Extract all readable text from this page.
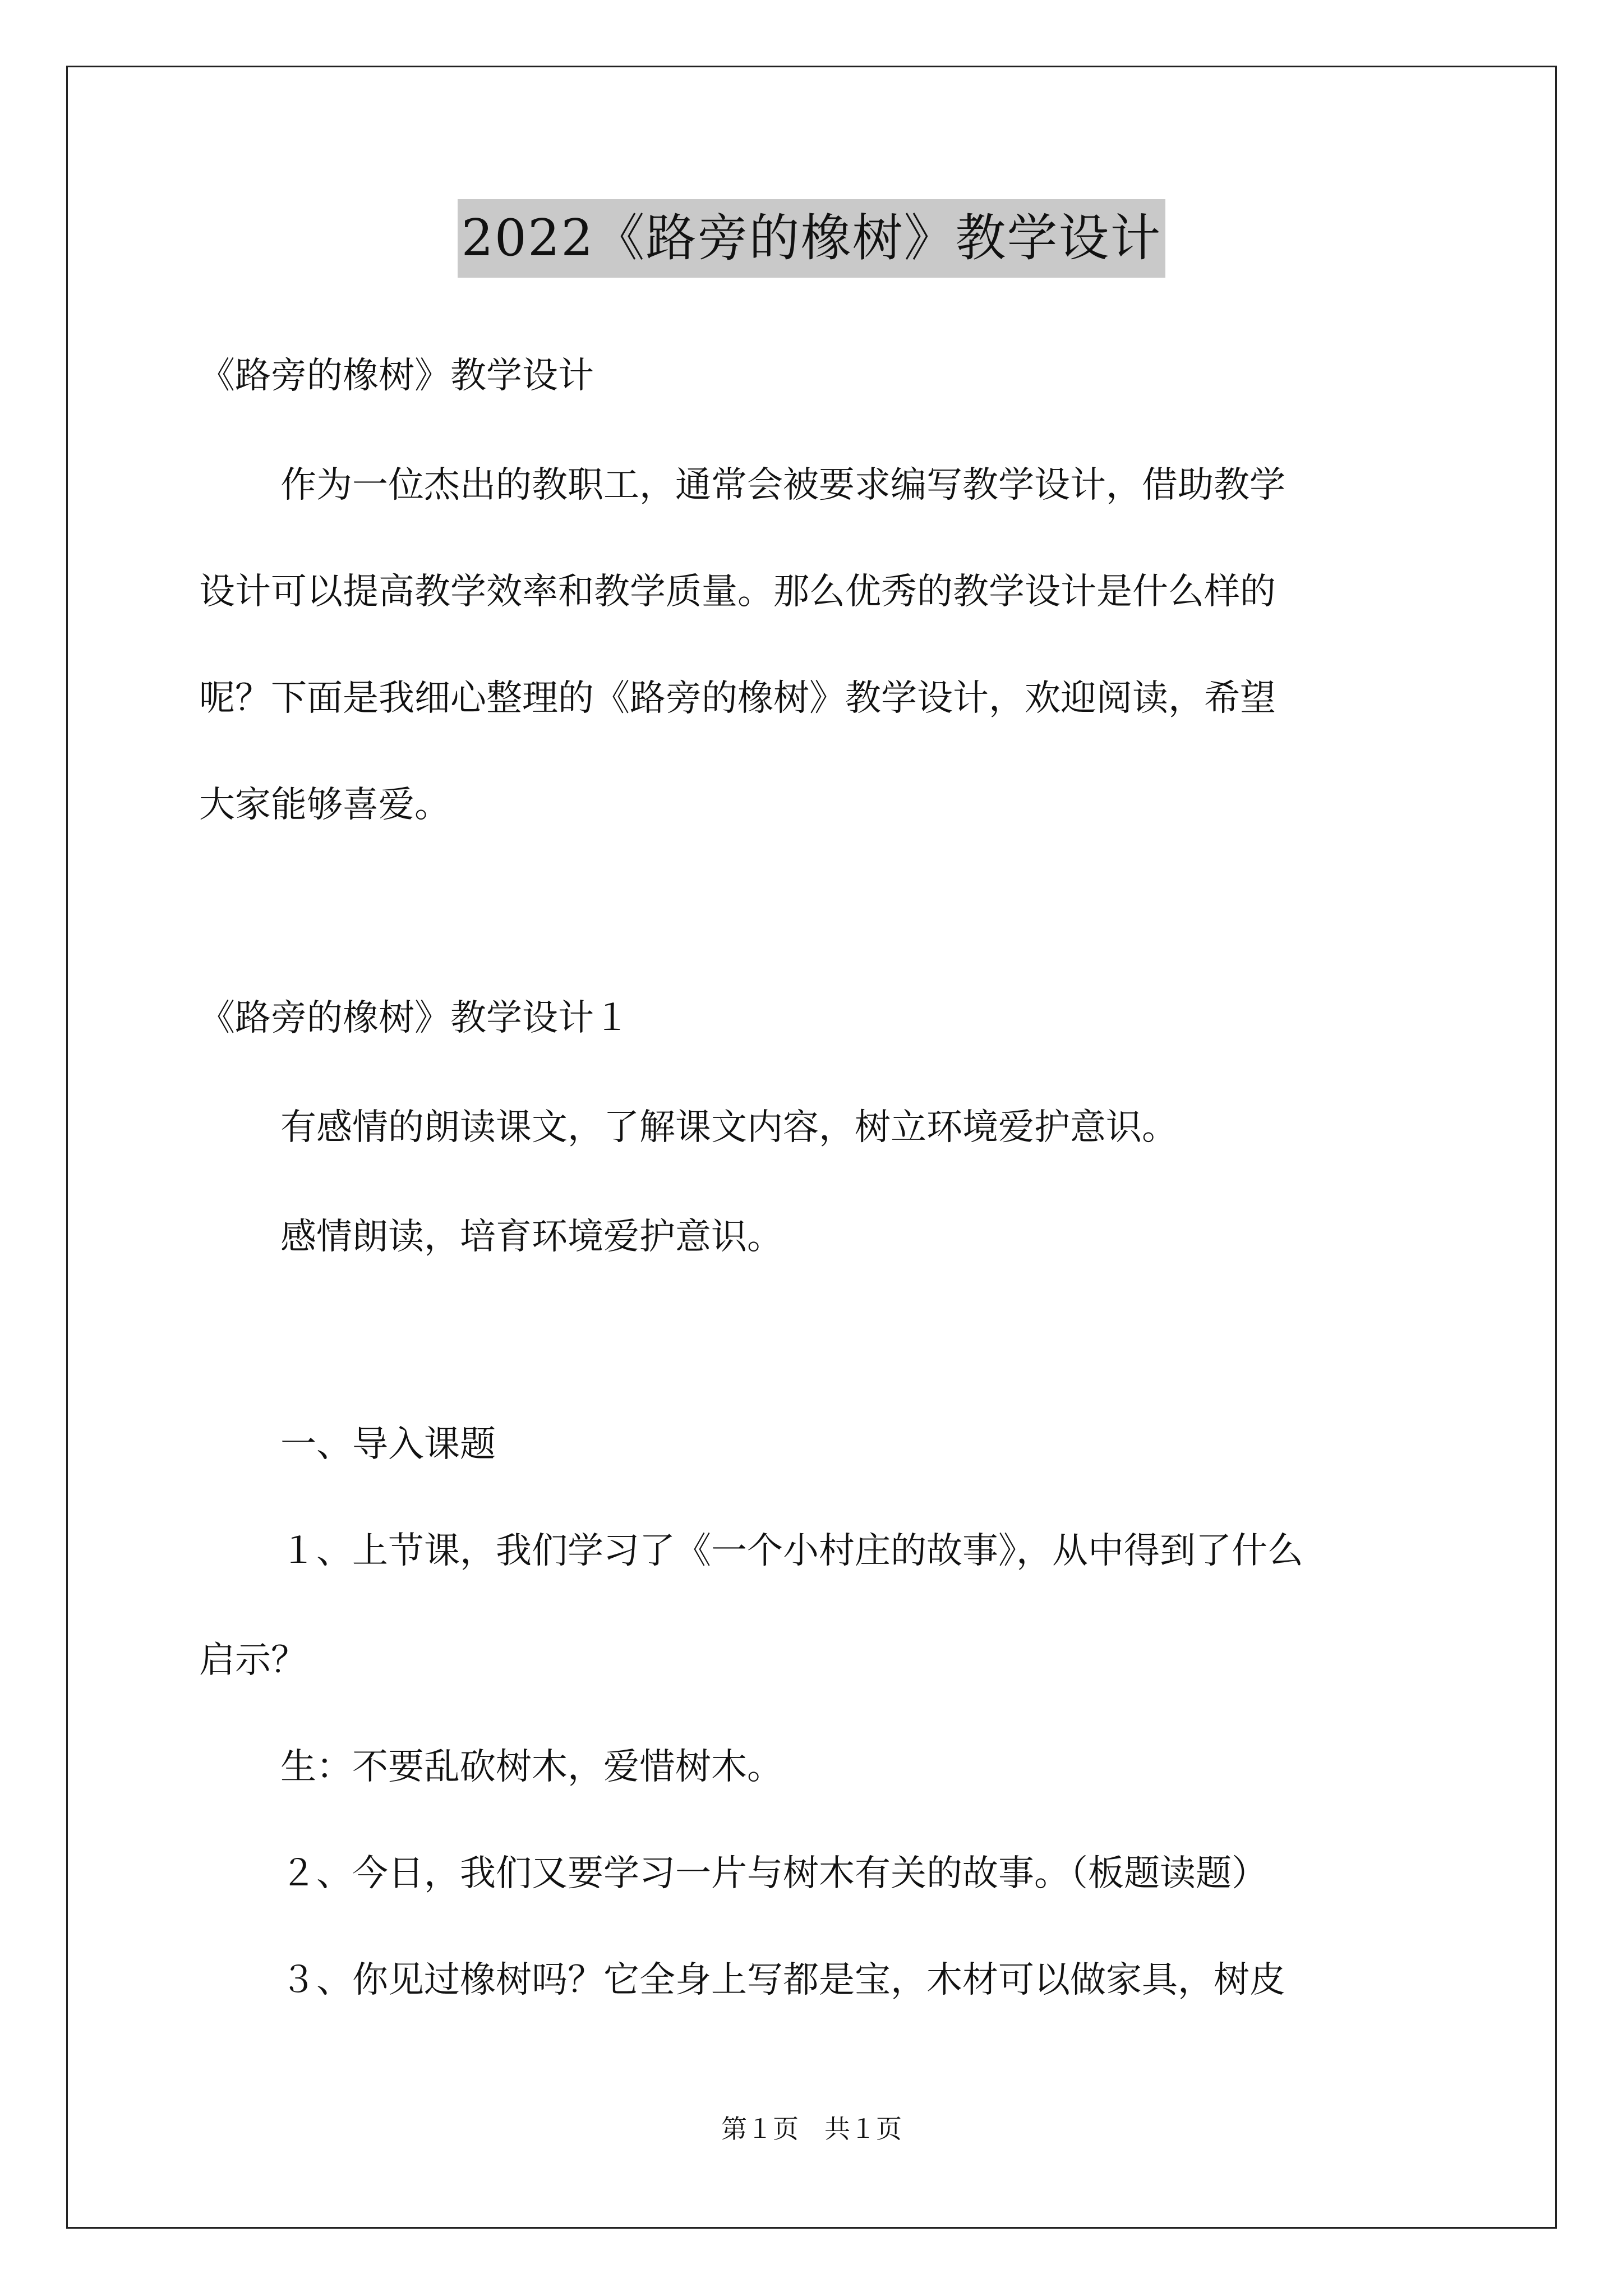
2022《路旁的橡树》教学设计
《路旁的橡树》教学设计
作为一位杰出的教职工，通常会被要求编写教学设计，借助教学
设计可以提高教学效率和教学质量。那么优秀的教学设计是什么样的
呢？下面是我细心整理的《路旁的橡树》教学设计，欢迎阅读，希望
大家能够喜爱。
《路旁的橡树》教学设计１
有感情的朗读课文，了解课文内容，树立环境爱护意识。
感情朗读，培育环境爱护意识。
一、导入课题
１、上节课，我们学习了《一个小村庄的故事》，从中得到了什么
启示？
生：不要乱砍树木，爱惜树木。
２、今日，我们又要学习一片与树木有关的故事。（板题读题）
３、你见过橡树吗？它全身上写都是宝，木材可以做家具，树皮
第１页　共１页
